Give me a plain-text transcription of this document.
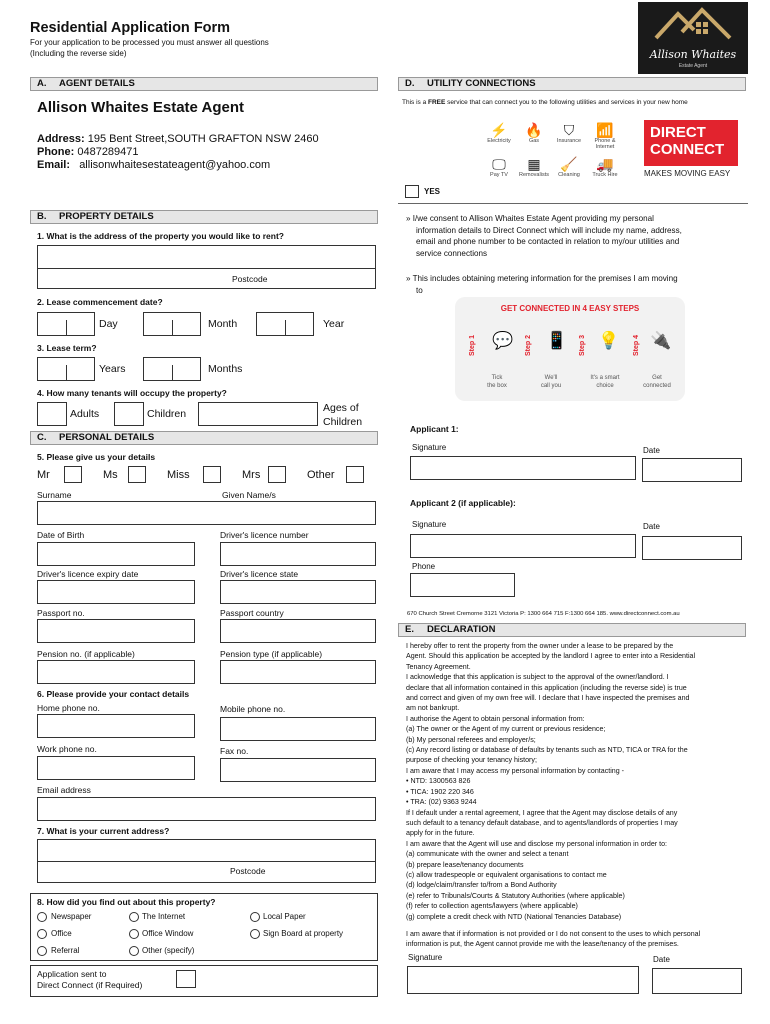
Residential Application Form
For your application to be processed you must answer all questions
(Including the reverse side)	Allison Whaites
Estate Agent
A. AGENT DETAILS
Allison Whaites Estate Agent
Address: 195 Bent Street,SOUTH GRAFTON NSW 2460
Phone: 0487289471
Email: allisonwhaitesestateagent@yahoo.com
B. PROPERTY DETAILS
1. What is the address of the property you would like to rent?
Postcode
2. Lease commencement date?
Day	Month	Year
3. Lease term?
Years	Months
4. How many tenants will occupy the property?
Adults	Children	Ages of
Children
C. PERSONAL DETAILS
5. Please give us your details
Mr	Ms	Miss	Mrs	Other
Surname	Given Name/s
Date of Birth	Driver's licence number
Driver's licence expiry date	Driver's licence state
Passport no.	Passport country
Pension no. (if applicable)	Pension type (if applicable)
6. Please provide your contact details
Home phone no.	Mobile phone no.
Work phone no.	Fax no.
Email address
7. What is your current address?
Postcode
8. How did you find out about this property?
Newspaper	The Internet	Local Paper
Office	Office Window	Sign Board at property
Referral	Other (specify)
Application sent to
Direct Connect (if Required)
D. UTILITY CONNECTIONS
This is a FREE service that can connect you to the following utilities and services in your new home
⚡
Electricity
🔥
Gas
⛉
Insurance
📶
Phone & Internet
🖵
Pay TV
▦
Removalists
🧹
Cleaning
🚚
Truck Hire
DIRECT
CONNECT
MAKES MOVING EASY
YES
» I/we consent to Allison Whaites Estate Agent providing my personal
information details to Direct Connect which will include my name, address,
email and phone number to be contacted in relation to my/our utilities and
service connections
» This includes obtaining metering information for the premises I am moving
to
GET CONNECTED IN 4 EASY STEPS
Step 1 💬
Tick
the box
Step 2 📱
We'll
call you
Step 3 💡
It's a smart
choice
Step 4 🔌
Get
connected
Applicant 1:
Signature	Date
Applicant 2 (if applicable):
Signature	Date
Phone
670 Church Street Cremorne 3121 Victoria P: 1300 664 715 F:1300 664 185. www.directconnect.com.au
E. DECLARATION
I hereby offer to rent the property from the owner under a lease to be prepared by the
Agent. Should this application be accepted by the landlord I agree to enter into a Residential
Tenancy Agreement.
I acknowledge that this application is subject to the approval of the owner/landlord. I
declare that all information contained in this application (including the reverse side) is true
and correct and given of my own free will. I declare that I have inspected the premises and
am not bankrupt.
I authorise the Agent to obtain personal information from:
(a) The owner or the Agent of my current or previous residence;
(b) My personal referees and employer/s;
(c) Any record listing or database of defaults by tenants such as NTD, TICA or TRA for the
purpose of checking your tenancy history;
I am aware that I may access my personal information by contacting -
• NTD: 1300563 826
• TICA: 1902 220 346
• TRA: (02) 9363 9244
If I default under a rental agreement, I agree that the Agent may disclose details of any
such default to a tenancy default database, and to agents/landlords of properties I may
apply for in the future.
I am aware that the Agent will use and disclose my personal information in order to:
(a) communicate with the owner and select a tenant
(b) prepare lease/tenancy documents
(c) allow tradespeople or equivalent organisations to contact me
(d) lodge/claim/transfer to/from a Bond Authority
(e) refer to Tribunals/Courts & Statutory Authorities (where applicable)
(f) refer to collection agents/lawyers (where applicable)
(g) complete a credit check with NTD (National Tenancies Database)
I am aware that if information is not provided or I do not consent to the uses to which personal
information is put, the Agent cannot provide me with the lease/tenancy of the premises.
Signature	Date
